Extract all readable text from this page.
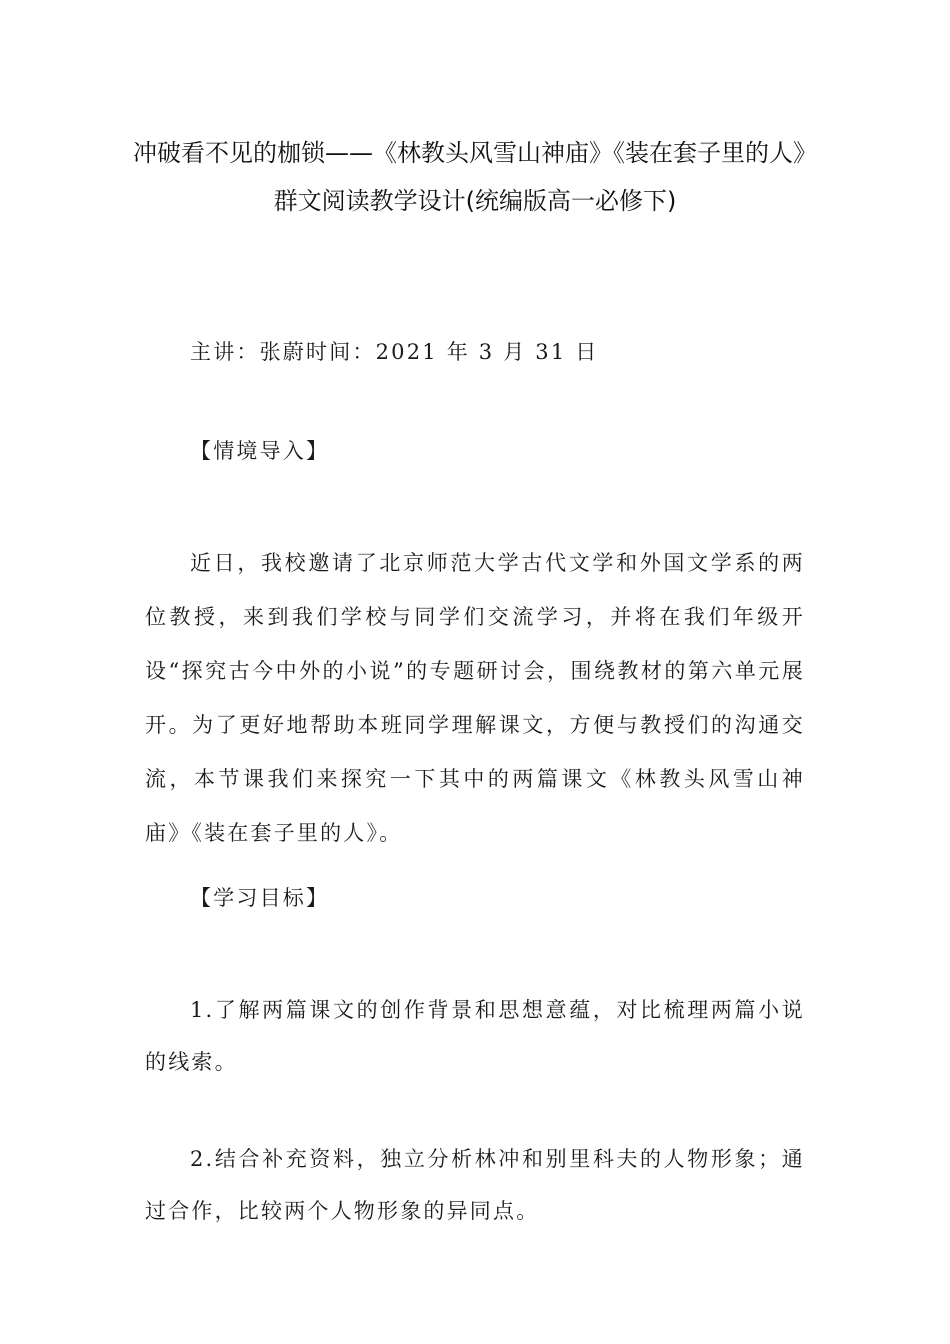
冲破看不见的枷锁——《林教头风雪山神庙》《装在套子里的人》
群文阅读教学设计(统编版高一必修下)
主讲：张蔚时间：2021 年 3 月 31 日
【情境导入】
近日，我校邀请了北京师范大学古代文学和外国文学系的两位教授，来到我们学校与同学们交流学习，并将在我们年级开设“探究古今中外的小说”的专题研讨会，围绕教材的第六单元展开。为了更好地帮助本班同学理解课文，方便与教授们的沟通交流，本节课我们来探究一下其中的两篇课文《林教头风雪山神庙》《装在套子里的人》。
【学习目标】
1.了解两篇课文的创作背景和思想意蕴，对比梳理两篇小说的线索。
2.结合补充资料，独立分析林冲和别里科夫的人物形象；通过合作，比较两个人物形象的异同点。
